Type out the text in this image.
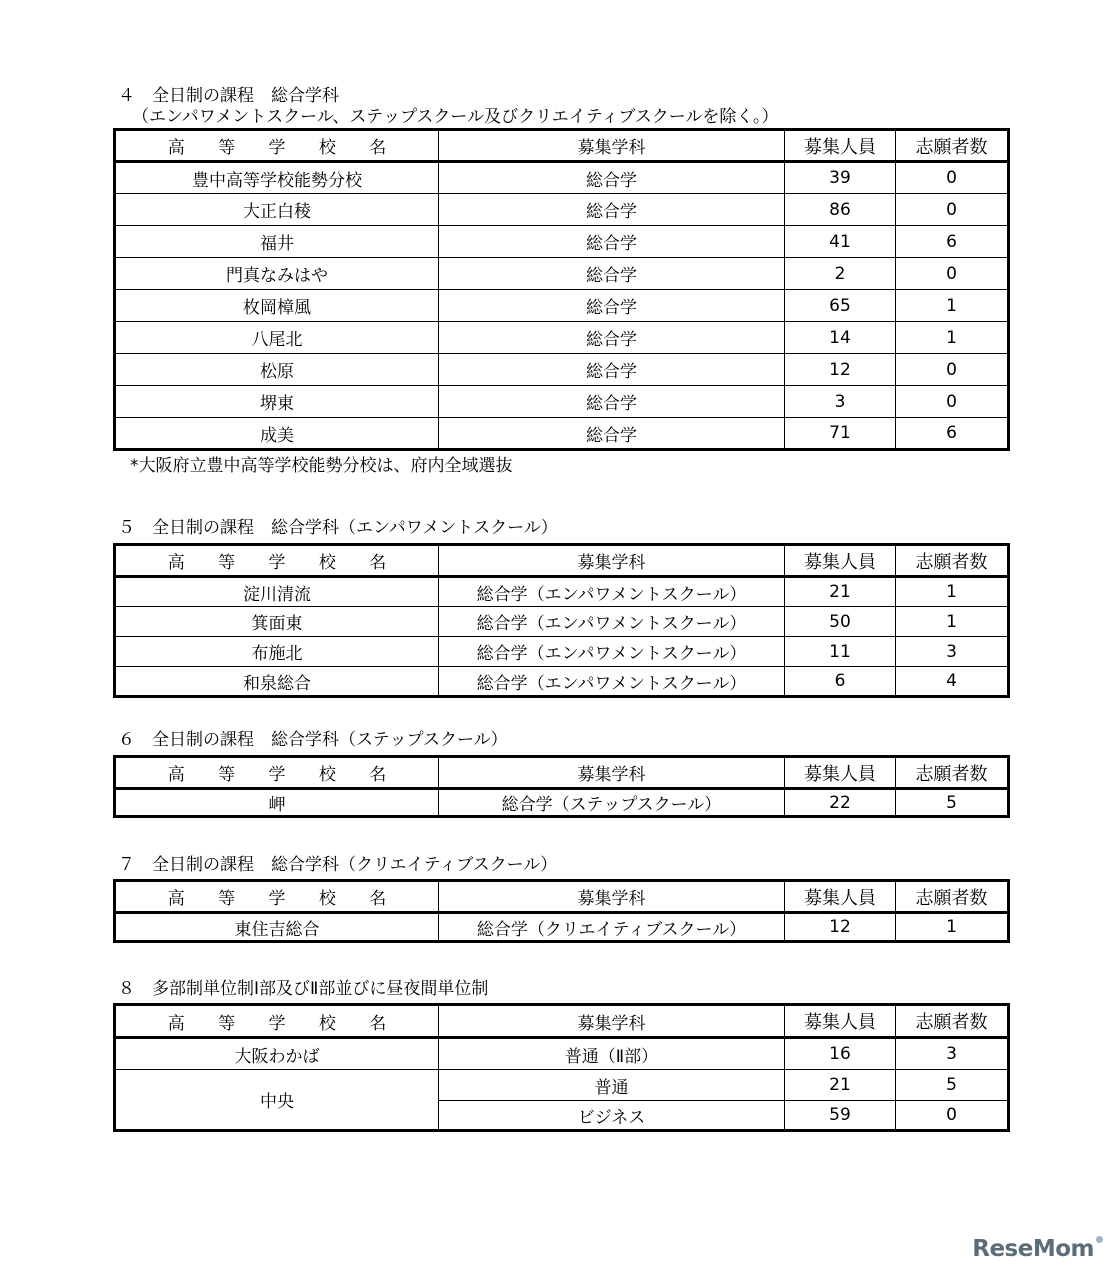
４　全日制の課程　総合学科
（エンパワメントスクール、ステップスクール及びクリエイティブスクールを除く。）
高 等 学 校 名	募集学科	募集人員	志願者数
豊中高等学校能勢分校	総合学	39	0
大正白稜	総合学	86	0
福井	総合学	41	6
門真なみはや	総合学	2	0
枚岡樟風	総合学	65	1
八尾北	総合学	14	1
松原	総合学	12	0
堺東	総合学	3	0
成美	総合学	71	6
*大阪府立豊中高等学校能勢分校は、府内全域選抜
５　全日制の課程　総合学科（エンパワメントスクール）
高 等 学 校 名	募集学科	募集人員	志願者数
淀川清流	総合学（エンパワメントスクール）	21	1
箕面東	総合学（エンパワメントスクール）	50	1
布施北	総合学（エンパワメントスクール）	11	3
和泉総合	総合学（エンパワメントスクール）	6	4
６　全日制の課程　総合学科（ステップスクール）
高 等 学 校 名	募集学科	募集人員	志願者数
岬	総合学（ステップスクール）	22	5
７　全日制の課程　総合学科（クリエイティブスクール）
高 等 学 校 名	募集学科	募集人員	志願者数
東住吉総合	総合学（クリエイティブスクール）	12	1
８　多部制単位制Ⅰ部及びⅡ部並びに昼夜間単位制
高 等 学 校 名	募集学科	募集人員	志願者数
大阪わかば	普通（Ⅱ部）	16	3
中央	普通	21	5
	ビジネス	59	0
ReseMom
